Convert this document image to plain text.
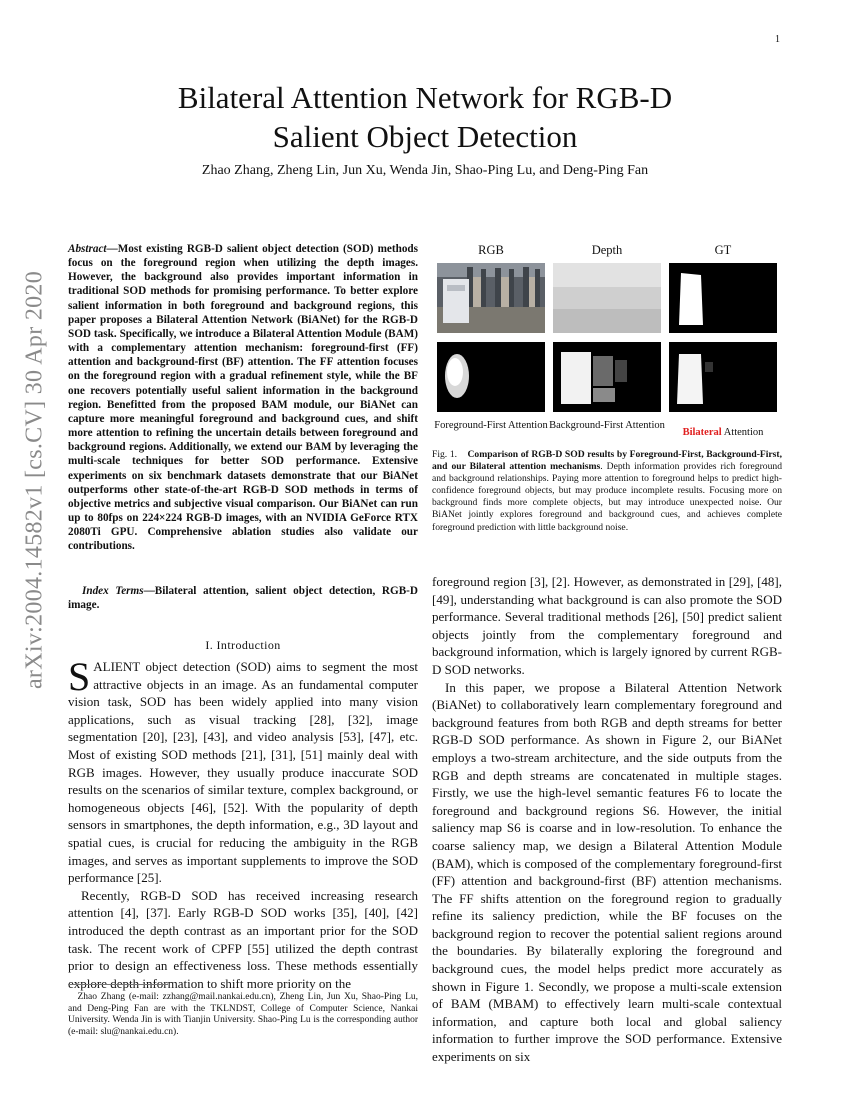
1
arXiv:2004.14582v1 [cs.CV] 30 Apr 2020
Bilateral Attention Network for RGB-D
Salient Object Detection
Zhao Zhang, Zheng Lin, Jun Xu, Wenda Jin, Shao-Ping Lu, and Deng-Ping Fan
Abstract—Most existing RGB-D salient object detection (SOD) methods focus on the foreground region when utilizing the depth images. However, the background also provides important information in traditional SOD methods for promising performance. To better explore salient information in both foreground and background regions, this paper proposes a Bilateral Attention Network (BiANet) for the RGB-D SOD task. Specifically, we introduce a Bilateral Attention Module (BAM) with a complementary attention mechanism: foreground-first (FF) attention and background-first (BF) attention. The FF attention focuses on the foreground region with a gradual refinement style, while the BF one recovers potentially useful salient information in the background region. Benefitted from the proposed BAM module, our BiANet can capture more meaningful foreground and background cues, and shift more attention to refining the uncertain details between foreground and background regions. Additionally, we extend our BAM by leveraging the multi-scale techniques for better SOD performance. Extensive experiments on six benchmark datasets demonstrate that our BiANet outperforms other state-of-the-art RGB-D SOD methods in terms of objective metrics and subjective visual comparison. Our BiANet can run up to 80fps on 224×224 RGB-D images, with an NVIDIA GeForce RTX 2080Ti GPU. Comprehensive ablation studies also validate our contributions.
Index Terms—Bilateral attention, salient object detection, RGB-D image.
I. Introduction

SALIENT object detection (SOD) aims to segment the most attractive objects in an image. As an fundamental computer vision task, SOD has been widely applied into many vision applications, such as visual tracking [28], [32], image segmentation [20], [23], [43], and video analysis [53], [47], etc. Most of existing SOD methods [21], [31], [51] mainly deal with RGB images. However, they usually produce inaccurate SOD results on the scenarios of similar texture, complex background, or homogeneous objects [46], [52]. With the popularity of depth sensors in smartphones, the depth information, e.g., 3D layout and spatial cues, is crucial for reducing the ambiguity in the RGB images, and serves as important supplements to improve the SOD performance [25].

Recently, RGB-D SOD has received increasing research attention [4], [37]. Early RGB-D SOD works [35], [40], [42] introduced the depth contrast as an important prior for the SOD task. The recent work of CPFP [55] utilized the depth contrast prior to design an effectiveness loss. These methods essentially explore depth information to shift more priority on the

Zhao Zhang (e-mail: zzhang@mail.nankai.edu.cn), Zheng Lin, Jun Xu, Shao-Ping Lu, and Deng-Ping Fan are with the TKLNDST, College of Computer Science, Nankai University. Wenda Jin is with Tianjin University. Shao-Ping Lu is the corresponding author (e-mail: slu@nankai.edu.cn).
RGB	Depth	GT
Foreground-First Attention Background-First Attention
Bilateral Attention
Fig. 1. Comparison of RGB-D SOD results by Foreground-First, Background-First, and our Bilateral attention mechanisms. Depth information provides rich foreground and background relationships. Paying more attention to foreground helps to predict high-confidence foreground objects, but may produce incomplete results. Focusing more on background finds more complete objects, but may introduce unexpected noise. Our BiANet jointly explores foreground and background cues, and achieves complete foreground prediction with little background noise.

foreground region [3], [2]. However, as demonstrated in [29], [48], [49], understanding what background is can also promote the SOD performance. Several traditional methods [26], [50] predict salient objects jointly from the complementary foreground and background information, which is largely ignored by current RGB-D SOD networks.

In this paper, we propose a Bilateral Attention Network (BiANet) to collaboratively learn complementary foreground and background features from both RGB and depth streams for better RGB-D SOD performance. As shown in Figure 2, our BiANet employs a two-stream architecture, and the side outputs from the RGB and depth streams are concatenated in multiple stages. Firstly, we use the high-level semantic features F6 to locate the foreground and background regions S6. However, the initial saliency map S6 is coarse and in low-resolution. To enhance the coarse saliency map, we design a Bilateral Attention Module (BAM), which is composed of the complementary foreground-first (FF) attention and background-first (BF) attention mechanisms. The FF shifts attention on the foreground region to gradually refine its saliency prediction, while the BF focuses on the background region to recover the potential salient regions around the boundaries. By bilaterally exploring the foreground and background cues, the model helps predict more accurately as shown in Figure 1. Secondly, we propose a multi-scale extension of BAM (MBAM) to effectively learn multi-scale contextual information, and capture both local and global saliency information to further improve the SOD performance. Extensive experiments on six
